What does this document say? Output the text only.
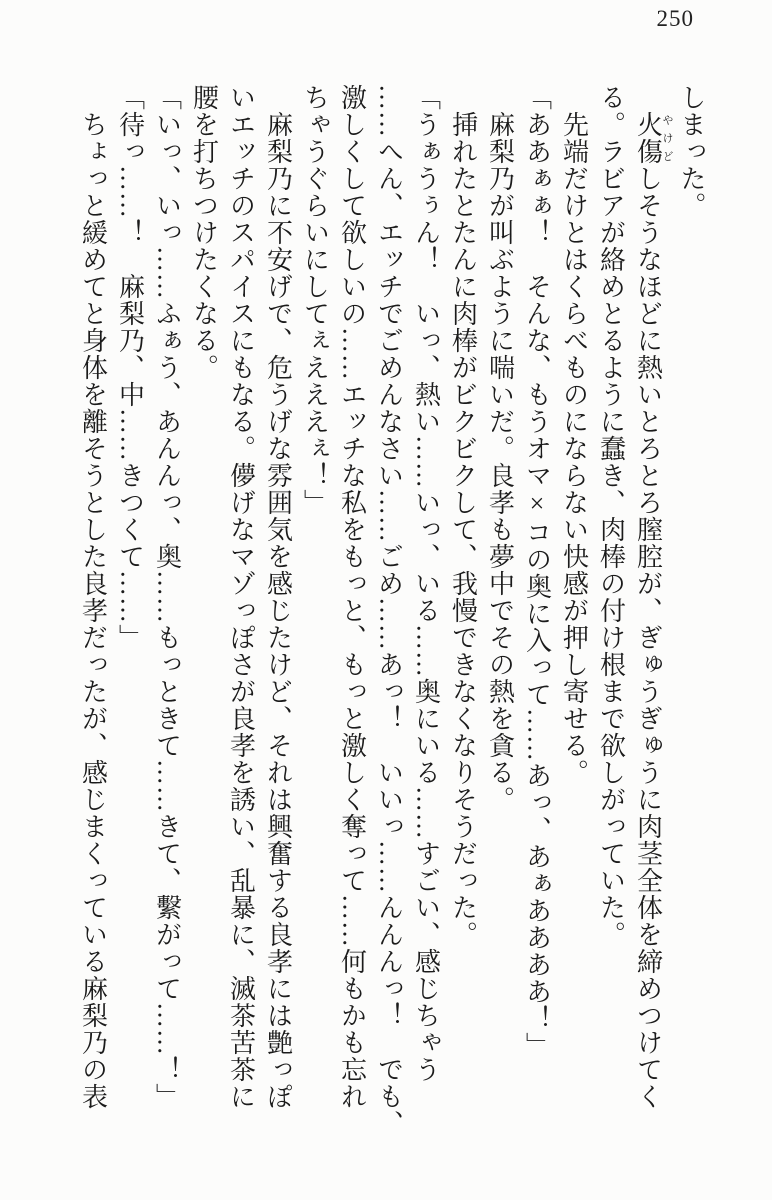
250

しまった。

火傷やけどしそうなほどに熱いとろとろ膣腔が、ぎゅうぎゅうに肉茎全体を締めつけてく

る。ラビアが絡めとるように蠢き、肉棒の付け根まで欲しがっていた。

先端だけとはくらべものにならない快感が押し寄せる。

「ああぁぁ！　そんな、もうオマ×コの奥に入って……あっ、あぁああああ！」

麻梨乃が叫ぶように喘いだ。良孝も夢中でその熱を貪る。

挿れたとたんに肉棒がビクビクして、我慢できなくなりそうだった。

「うぁうぅん！　いっ、熱い……いっ、いる……奥にいる……すごい、感じちゃう

……へん、エッチでごめんなさい……ごめ……あっ！　いいっ……んんんっ！　でも、

激しくして欲しいの……エッチな私をもっと、もっと激しく奪って……何もかも忘れ

ちゃうぐらいにしてぇえええぇ！」

麻梨乃に不安げで、危うげな雰囲気を感じたけど、それは興奮する良孝には艶っぽ

いエッチのスパイスにもなる。儚げなマゾっぽさが良孝を誘い、乱暴に、滅茶苦茶に

腰を打ちつけたくなる。

「いっ、いっ……ふぁう、あんんっ、奥……もっときて……きて、繫がって……！」

「待っ……！　麻梨乃、中……きつくて……」

ちょっと緩めてと身体を離そうとした良孝だったが、感じまくっている麻梨乃の表
